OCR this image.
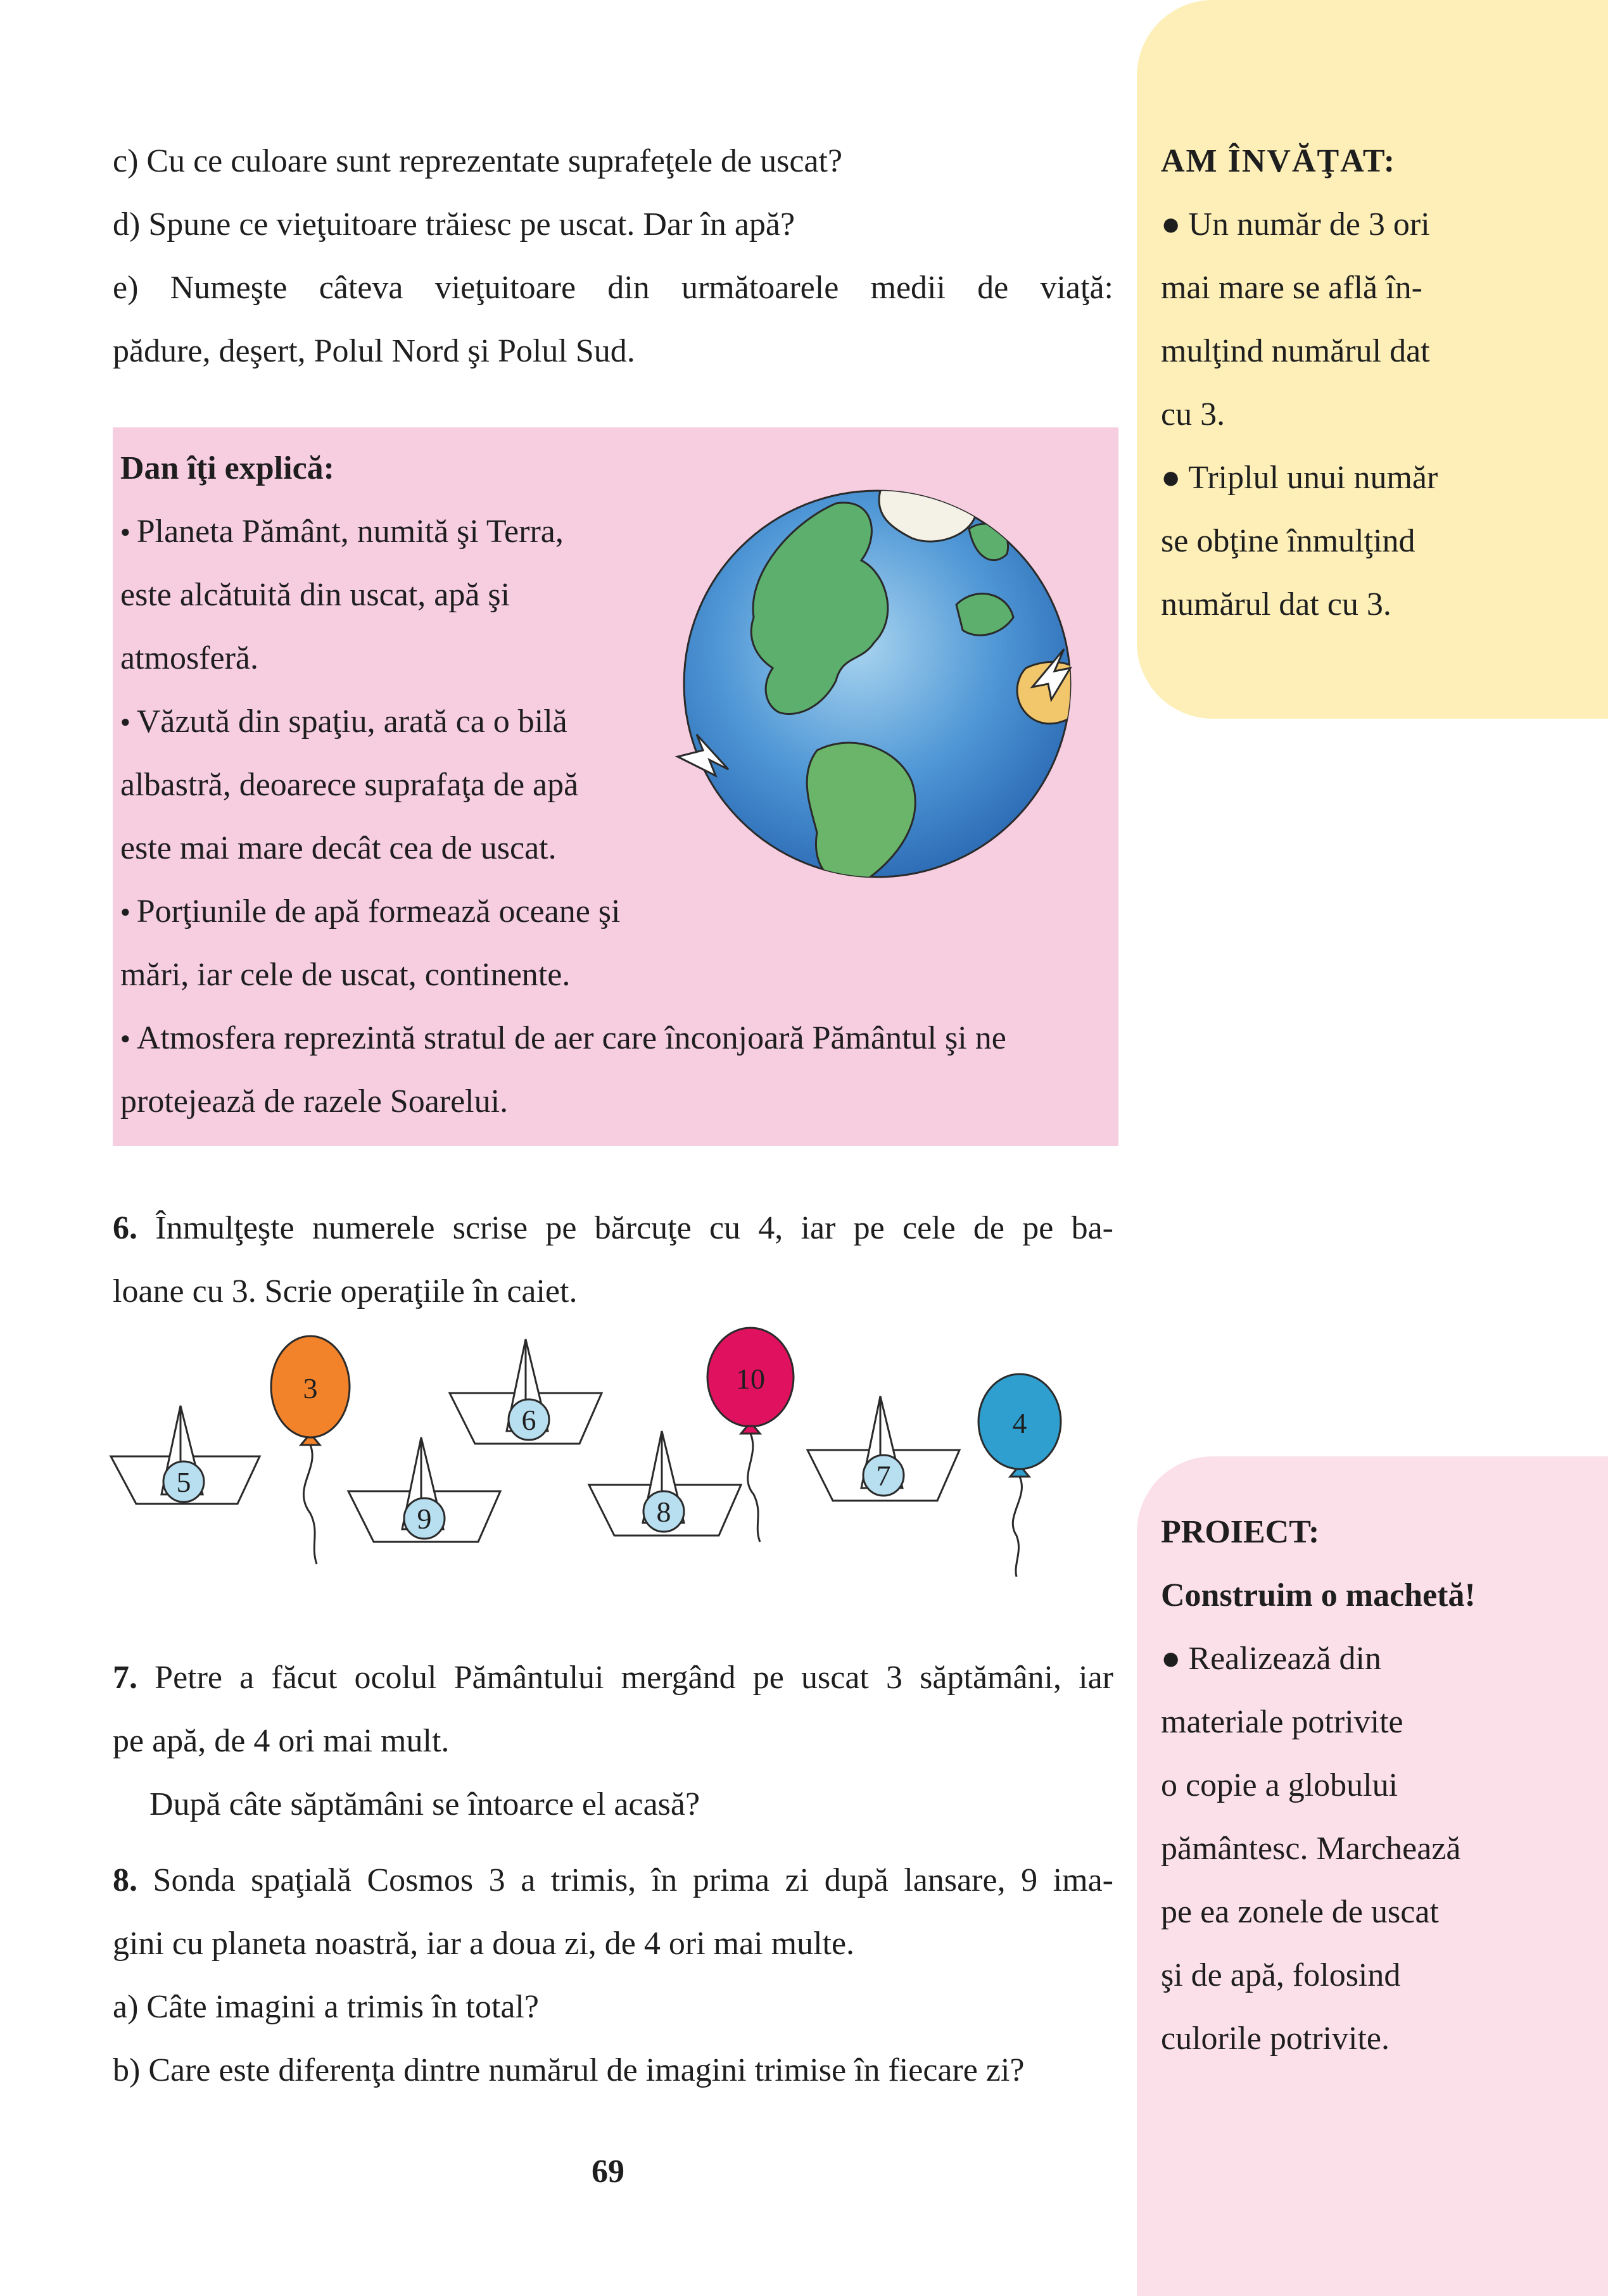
c) Cu ce culoare sunt reprezentate suprafeţele de uscat?
d) Spune ce vieţuitoare trăiesc pe uscat. Dar în apă?
e) Numeşte câteva vieţuitoare din următoarele medii de viaţă:
pădure, deşert, Polul Nord şi Polul Sud.
Dan îţi explică:
● Planeta Pământ, numită şi Terra,
este alcătuită din uscat, apă şi
atmosferă.
● Văzută din spaţiu, arată ca o bilă
albastră, deoarece suprafaţa de apă
este mai mare decât cea de uscat.
● Porţiunile de apă formează oceane şi
mări, iar cele de uscat, continente.
● Atmosfera reprezintă stratul de aer care înconjoară Pământul şi ne
protejează de razele Soarelui.
AM ÎNVĂŢAT:
● Un număr de 3 ori
mai mare se află în-
mulţind numărul dat
cu 3.
● Triplul unui număr
se obţine înmulţind
numărul dat cu 3.
6. Înmulţeşte numerele scrise pe bărcuţe cu 4, iar pe cele de pe ba-
loane cu 3. Scrie operaţiile în caiet.
5
3
9
6
8
10
7
4
7. Petre a făcut ocolul Pământului mergând pe uscat 3 săptămâni, iar
pe apă, de 4 ori mai mult.
După câte săptămâni se întoarce el acasă?
8. Sonda spaţială Cosmos 3 a trimis, în prima zi după lansare, 9 ima-
gini cu planeta noastră, iar a doua zi, de 4 ori mai multe.
a) Câte imagini a trimis în total?
b) Care este diferenţa dintre numărul de imagini trimise în fiecare zi?
PROIECT:
Construim o machetă!
● Realizează din
materiale potrivite
o copie a globului
pământesc. Marchează
pe ea zonele de uscat
şi de apă, folosind
culorile potrivite.
69
